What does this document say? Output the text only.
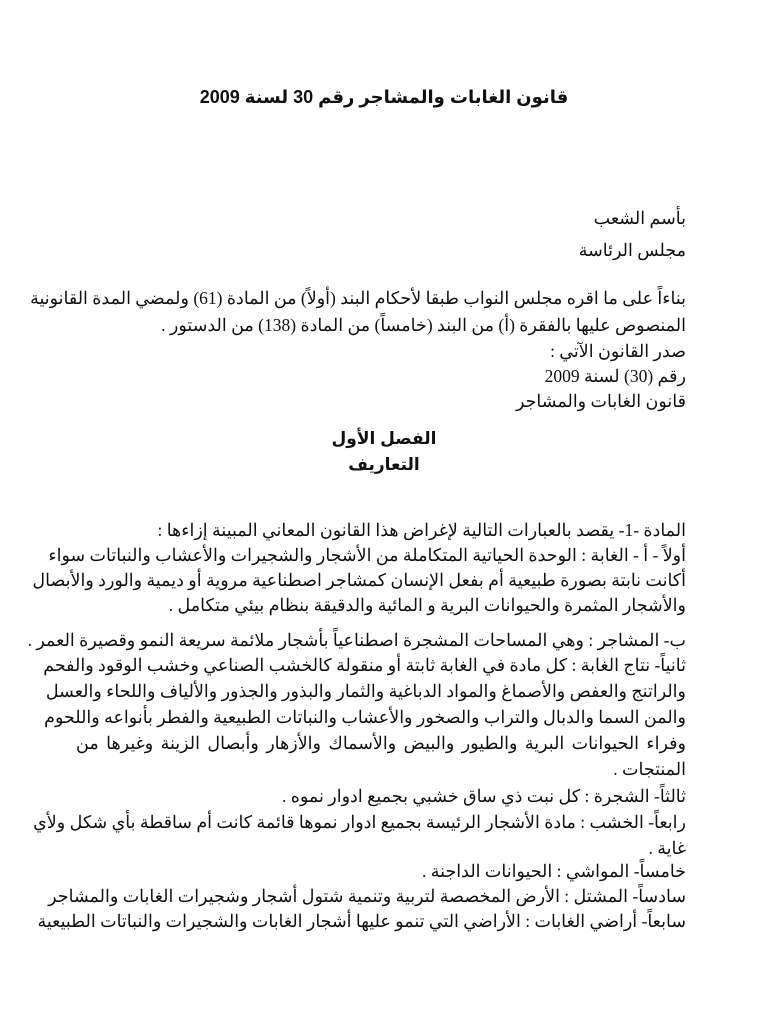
قانون الغابات والمشاجر رقم 30 لسنة 2009
بأسم الشعب
مجلس الرئاسة
بناءاً على ما اقره مجلس النواب طبقا لأحكام البند (أولاً) من المادة (61) ولمضي المدة القانونية
المنصوص عليها بالفقرة (أ) من البند (خامساً) من المادة (138) من الدستور .
صدر القانون الآتي :
رقم (30) لسنة 2009
قانون الغابات والمشاجر
الفصل الأول
التعاريف
المادة -1- يقصد بالعبارات التالية لإغراض هذا القانون المعاني المبينة إزاءها :
أولاً - أ - الغابة : الوحدة الحياتية المتكاملة من الأشجار والشجيرات والأعشاب والنباتات سواء
أكانت نابتة بصورة طبيعية أم بفعل الإنسان كمشاجر اصطناعية مروية أو ديمية والورد والأبصال
والأشجار المثمرة والحيوانات البرية و المائية والدقيقة بنظام بيئي متكامل .
ب- المشاجر : وهي المساحات المشجرة اصطناعياً بأشجار ملائمة سريعة النمو وقصيرة العمر .
ثانياً- نتاج الغابة : كل مادة في الغابة ثابتة أو منقولة كالخشب الصناعي وخشب الوقود والفحم
والراتنج والعفص والأصماغ والمواد الدباغية والثمار والبذور والجذور والألياف واللحاء والعسل
والمن السما والدبال والتراب والصخور والأعشاب والنباتات الطبيعية والفطر بأنواعه واللحوم
وفراء الحيوانات البرية والطيور والبيض والأسماك والأزهار وأبصال الزينة وغيرها من
المنتجات .
ثالثاً- الشجرة : كل نبت ذي ساق خشبي بجميع ادوار نموه .
رابعاً- الخشب : مادة الأشجار الرئيسة بجميع ادوار نموها قائمة كانت أم ساقطة بأي شكل ولأي
غاية .
خامساً- المواشي : الحيوانات الداجنة .
سادساً- المشتل : الأرض المخصصة لتربية وتنمية شتول أشجار وشجيرات الغابات والمشاجر
سابعاً- أراضي الغابات : الأراضي التي تنمو عليها أشجار الغابات والشجيرات والنباتات الطبيعية
